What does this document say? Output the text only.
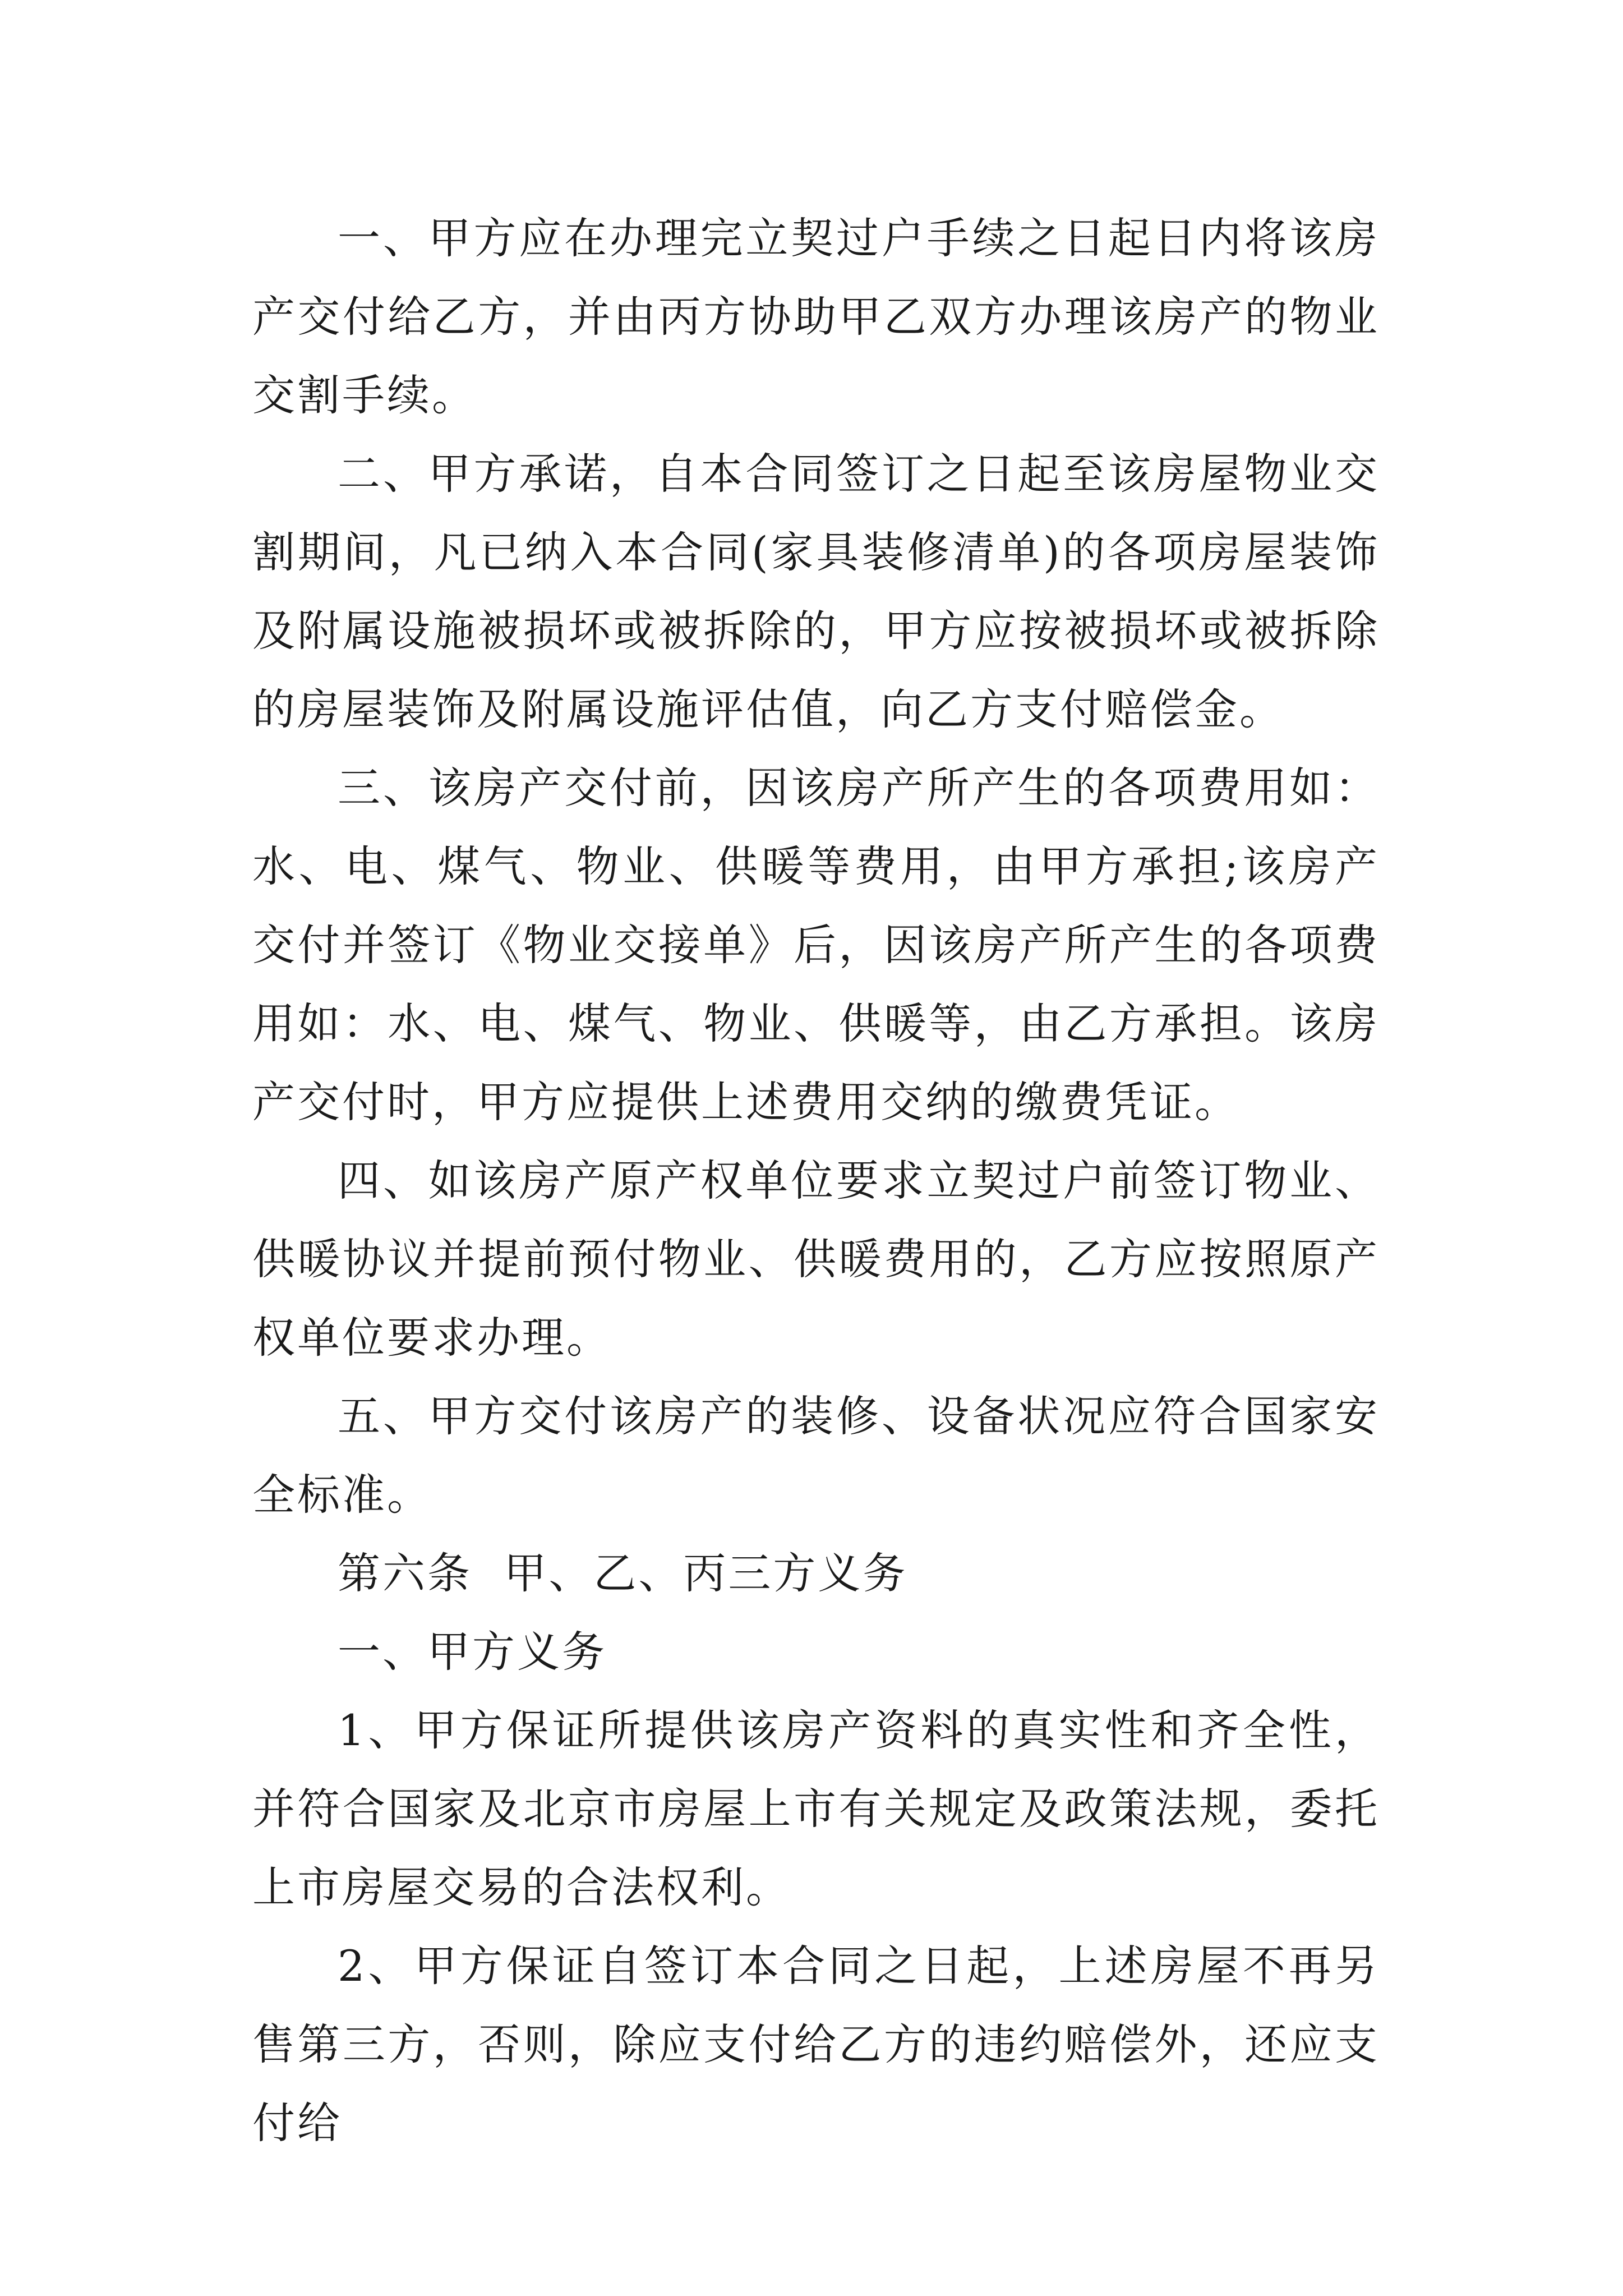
一、甲方应在办理完立契过户手续之日起日内将该房产交付给乙方，并由丙方协助甲乙双方办理该房产的物业交割手续。

二、甲方承诺，自本合同签订之日起至该房屋物业交割期间，凡已纳入本合同(家具装修清单)的各项房屋装饰及附属设施被损坏或被拆除的，甲方应按被损坏或被拆除的房屋装饰及附属设施评估值，向乙方支付赔偿金。

三、该房产交付前，因该房产所产生的各项费用如：水、电、煤气、物业、供暖等费用，由甲方承担;该房产交付并签订《物业交接单》后，因该房产所产生的各项费用如：水、电、煤气、物业、供暖等，由乙方承担。该房产交付时，甲方应提供上述费用交纳的缴费凭证。

四、如该房产原产权单位要求立契过户前签订物业、供暖协议并提前预付物业、供暖费用的，乙方应按照原产权单位要求办理。

五、甲方交付该房产的装修、设备状况应符合国家安全标准。

第六条  甲、乙、丙三方义务

一、甲方义务

1、甲方保证所提供该房产资料的真实性和齐全性，并符合国家及北京市房屋上市有关规定及政策法规，委托上市房屋交易的合法权利。

2、甲方保证自签订本合同之日起，上述房屋不再另售第三方，否则，除应支付给乙方的违约赔偿外，还应支付给
